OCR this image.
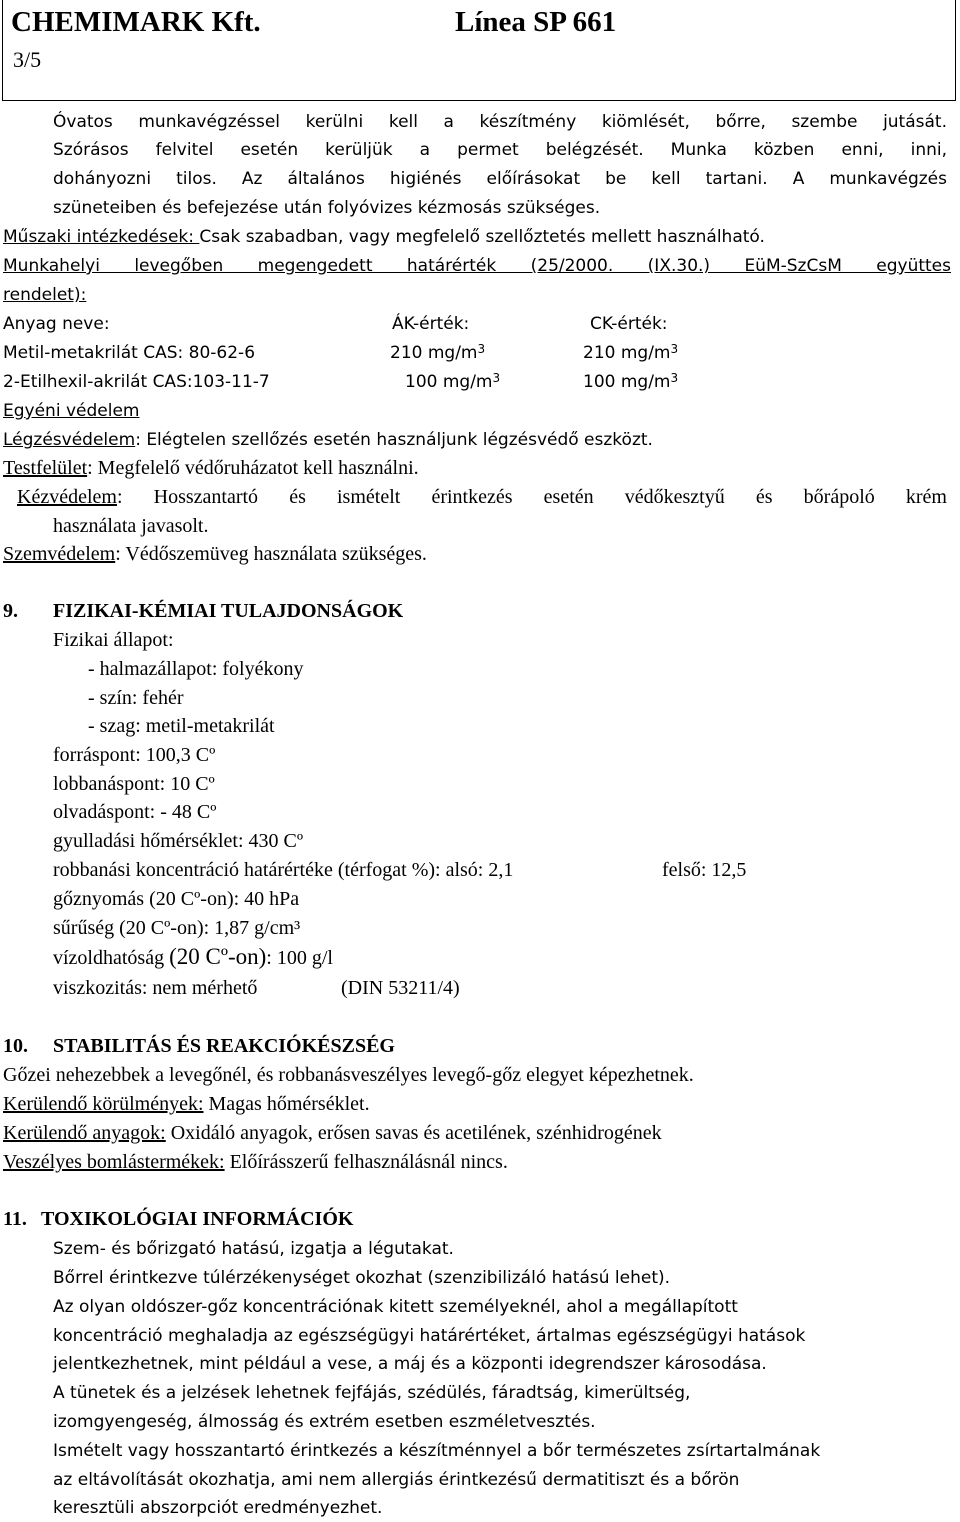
CHEMIMARK Kft.	Línea SP 661
3/5
Óvatos munkavégzéssel kerülni kell a készítmény kiömlését, bőrre, szembe jutását.
Szórásos felvitel esetén kerüljük a permet belégzését. Munka közben enni, inni,
dohányozni tilos. Az általános higiénés előírásokat be kell tartani. A munkavégzés
szüneteiben és befejezése után folyóvizes kézmosás szükséges.
Műszaki intézkedések: Csak szabadban, vagy megfelelő szellőztetés mellett használható.
Munkahelyi levegőben megengedett határérték (25/2000. (IX.30.) EüM-SzCsM együttes
rendelet):
Anyag neve:	ÁK-érték:	CK-érték:
Metil-metakrilát CAS: 80-62-6	210 $mg/m^3$	210 $mg/m^3$
2-Etilhexil-akrilát CAS:103-11-7	100 $mg/m^3$	100 $mg/m^3$
Egyéni védelem
Légzésvédelem: Elégtelen szellőzés esetén használjunk légzésvédő eszközt.
Testfelület: Megfelelő védőruházatot kell használni.
Kézvédelem: Hosszantartó és ismételt érintkezés esetén védőkesztyű és bőrápoló krém
használata javasolt.
Szemvédelem: Védőszemüveg használata szükséges.
9. FIZIKAI-KÉMIAI TULAJDONSÁGOK
Fizikai állapot:
- halmazállapot: folyékony
- szín: fehér
- szag: metil-metakrilát
forráspont: 100,3 Cº
lobbanáspont: 10 Cº
olvadáspont: - 48 Cº
gyulladási hőmérséklet: 430 Cº
robbanási koncentráció határértéke (térfogat %): alsó: 2,1	felső: 12,5
gőznyomás (20 Cº-on): 40 hPa
sűrűség (20 Cº-on): 1,87 g/cm³
vízoldhatóság (20 Cº-on): 100 g/l
viszkozitás: nem mérhető	(DIN 53211/4)
10. STABILITÁS ÉS REAKCIÓKÉSZSÉG
Gőzei nehezebbek a levegőnél, és robbanásveszélyes levegő-gőz elegyet képezhetnek.
Kerülendő körülmények: Magas hőmérséklet.
Kerülendő anyagok: Oxidáló anyagok, erősen savas és acetilének, szénhidrogének
Veszélyes bomlástermékek: Előírásszerű felhasználásnál nincs.
11. TOXIKOLÓGIAI INFORMÁCIÓK
Szem- és bőrizgató hatású, izgatja a légutakat.
Bőrrel érintkezve túlérzékenységet okozhat (szenzibilizáló hatású lehet).
Az olyan oldószer-gőz koncentrációnak kitett személyeknél, ahol a megállapított
koncentráció meghaladja az egészségügyi határértéket, ártalmas egészségügyi hatások
jelentkezhetnek, mint például a vese, a máj és a központi idegrendszer károsodása.
A tünetek és a jelzések lehetnek fejfájás, szédülés, fáradtság, kimerültség,
izomgyengeség, álmosság és extrém esetben eszméletvesztés.
Ismételt vagy hosszantartó érintkezés a készítménnyel a bőr természetes zsírtartalmának
az eltávolítását okozhatja, ami nem allergiás érintkezésű dermatitiszt és a bőrön
keresztüli abszorpciót eredményezhet.
